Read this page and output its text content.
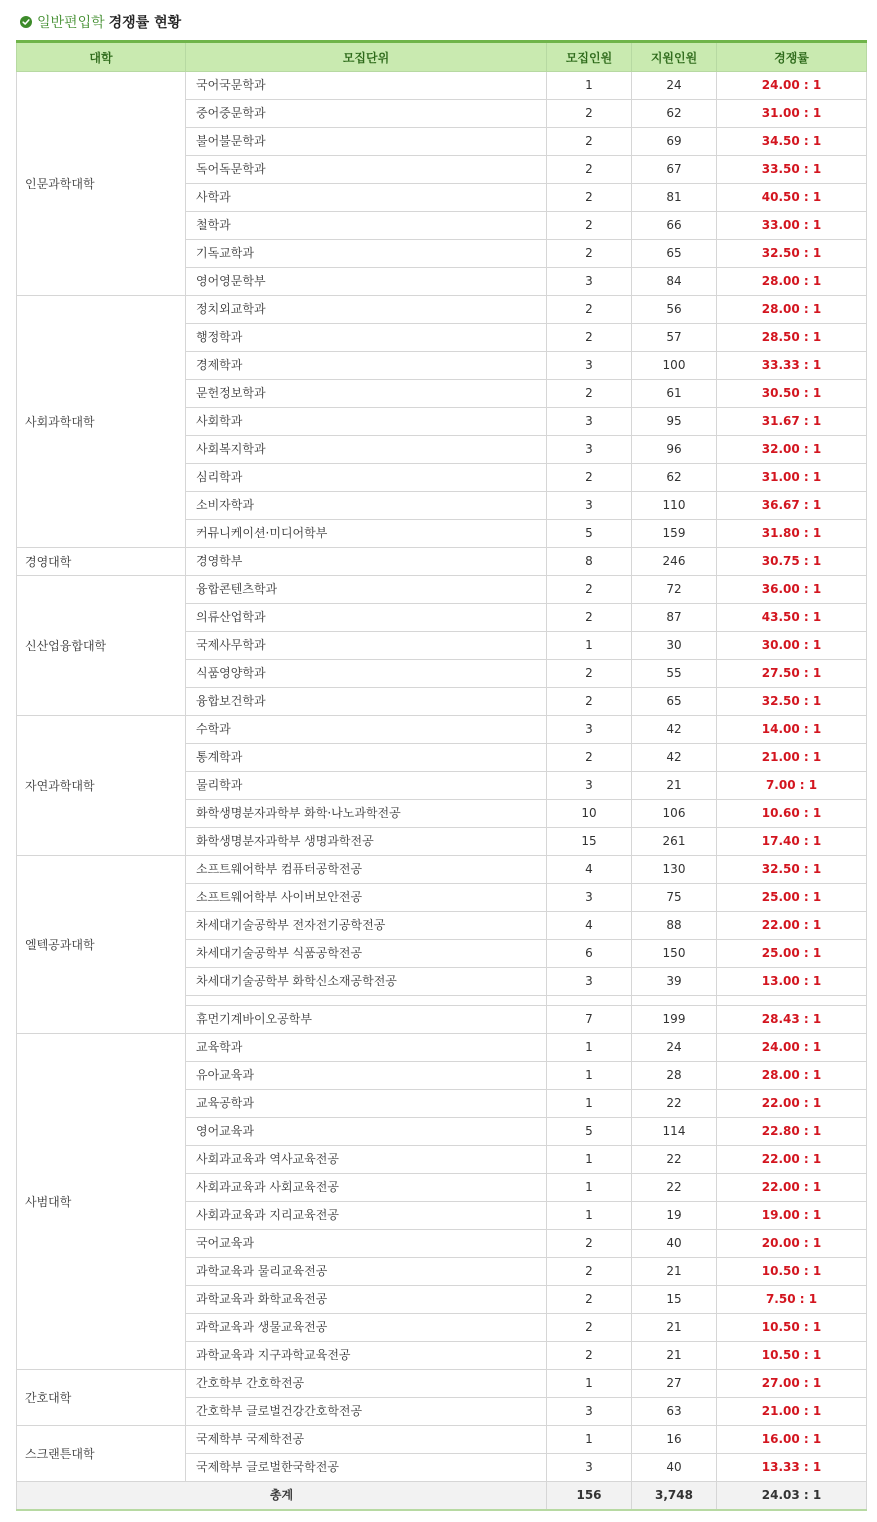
일반편입학 경쟁률 현황
대학	모집단위	모집인원	지원인원	경쟁률
인문과학대학	국어국문학과	1	24	24.00 : 1
	중어중문학과	2	62	31.00 : 1
	불어불문학과	2	69	34.50 : 1
	독어독문학과	2	67	33.50 : 1
	사학과	2	81	40.50 : 1
	철학과	2	66	33.00 : 1
	기독교학과	2	65	32.50 : 1
	영어영문학부	3	84	28.00 : 1
사회과학대학	정치외교학과	2	56	28.00 : 1
	행정학과	2	57	28.50 : 1
	경제학과	3	100	33.33 : 1
	문헌정보학과	2	61	30.50 : 1
	사회학과	3	95	31.67 : 1
	사회복지학과	3	96	32.00 : 1
	심리학과	2	62	31.00 : 1
	소비자학과	3	110	36.67 : 1
	커뮤니케이션·미디어학부	5	159	31.80 : 1
경영대학	경영학부	8	246	30.75 : 1
신산업융합대학	융합콘텐츠학과	2	72	36.00 : 1
	의류산업학과	2	87	43.50 : 1
	국제사무학과	1	30	30.00 : 1
	식품영양학과	2	55	27.50 : 1
	융합보건학과	2	65	32.50 : 1
자연과학대학	수학과	3	42	14.00 : 1
	통계학과	2	42	21.00 : 1
	물리학과	3	21	7.00 : 1
	화학생명분자과학부 화학·나노과학전공	10	106	10.60 : 1
	화학생명분자과학부 생명과학전공	15	261	17.40 : 1
엘텍공과대학	소프트웨어학부 컴퓨터공학전공	4	130	32.50 : 1
	소프트웨어학부 사이버보안전공	3	75	25.00 : 1
	차세대기술공학부 전자전기공학전공	4	88	22.00 : 1
	차세대기술공학부 식품공학전공	6	150	25.00 : 1
	차세대기술공학부 화학신소재공학전공	3	39	13.00 : 1

	휴먼기계바이오공학부	7	199	28.43 : 1
사범대학	교육학과	1	24	24.00 : 1
	유아교육과	1	28	28.00 : 1
	교육공학과	1	22	22.00 : 1
	영어교육과	5	114	22.80 : 1
	사회과교육과 역사교육전공	1	22	22.00 : 1
	사회과교육과 사회교육전공	1	22	22.00 : 1
	사회과교육과 지리교육전공	1	19	19.00 : 1
	국어교육과	2	40	20.00 : 1
	과학교육과 물리교육전공	2	21	10.50 : 1
	과학교육과 화학교육전공	2	15	7.50 : 1
	과학교육과 생물교육전공	2	21	10.50 : 1
	과학교육과 지구과학교육전공	2	21	10.50 : 1
간호대학	간호학부 간호학전공	1	27	27.00 : 1
	간호학부 글로벌건강간호학전공	3	63	21.00 : 1
스크랜튼대학	국제학부 국제학전공	1	16	16.00 : 1
	국제학부 글로벌한국학전공	3	40	13.33 : 1
총계		156	3,748	24.03 : 1
